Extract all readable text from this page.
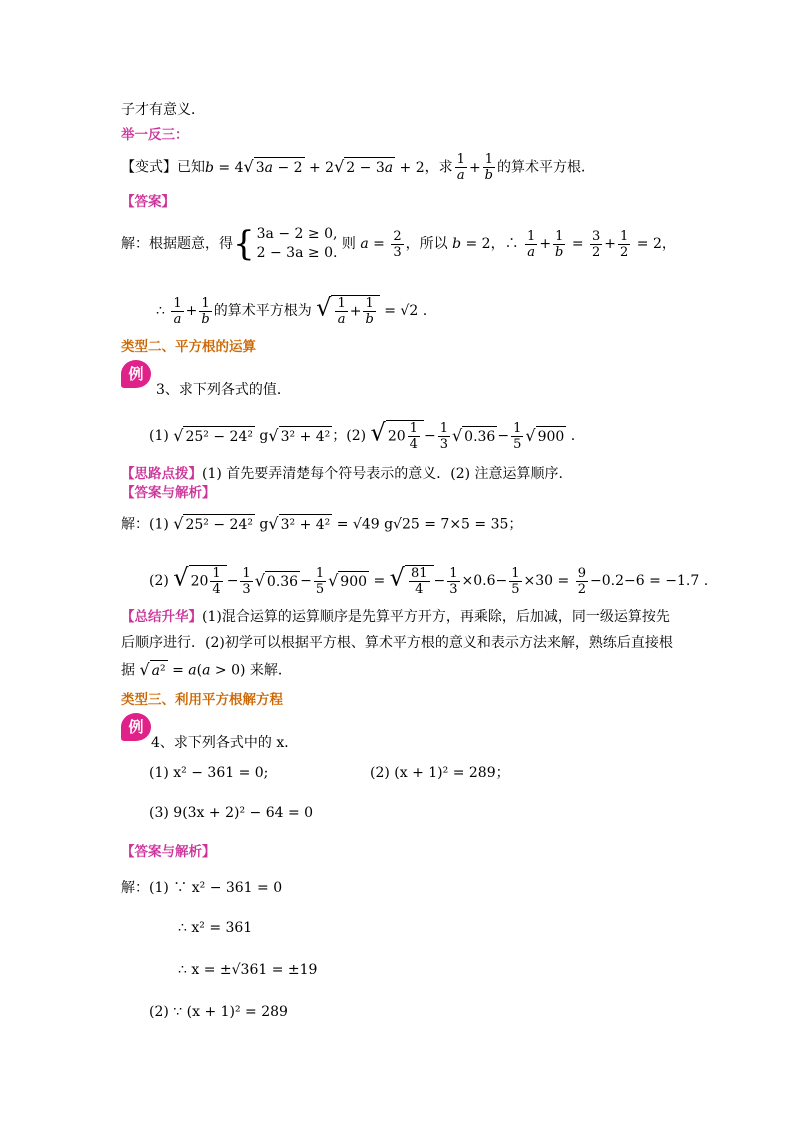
子才有意义．
举一反三：
【变式】已知b = 4√ 3a − 2 + 2√ 2 − 3a + 2，求 $\frac{1}{a} + \frac{1}{b}$ 的算术平方根．
【答案】
解：根据题意，得{ 3a − 2 ≥ 0,
2 − 3a ≥ 0.
则 $a = \frac{2}{3}$ ，所以 b = 2，∴ $\frac{1}{a} + \frac{1}{b} = \frac{3}{2} + \frac{1}{2} = 2$，
∴ $\frac{1}{a} + \frac{1}{b}$ 的算术平方根为 √ $\frac{1}{a} + \frac{1}{b} = √2$ .
类型二、平方根的运算
例
3、求下列各式的值．
(1) √ 25² − 24² g√ 3² + 4² ；(2) √ $20 \frac{1}{4} - \frac{1}{3}$ √ $0.36 - \frac{1}{5}$ √ 900 .
【思路点拨】(1) 首先要弄清楚每个符号表示的意义．(2) 注意运算顺序.
【答案与解析】
解：(1) √ 25² − 24² g√ 3² + 4² = √49 g√25 = 7×5 = 35；
(2) √ $20 \frac{1}{4} - \frac{1}{3}$ √ $0.36 - \frac{1}{5}$ √ 900 = √ $\frac{81}{4} - \frac{1}{3} \times 0.6- \frac{1}{5} \times 30 = \frac{9}{2} -0.2-6 = -1.7$ .
【总结升华】(1)混合运算的运算顺序是先算平方开方，再乘除，后加减，同一级运算按先
后顺序进行．(2)初学可以根据平方根、算术平方根的意义和表示方法来解，熟练后直接根
据 √ a² = a(a > 0) 来解．
类型三、利用平方根解方程
例
4、求下列各式中的 x．
(1) x² − 361 = 0;	(2) (x + 1)² = 289；
(3) 9(3x + 2)² − 64 = 0
【答案与解析】
解：(1) ∵ x² − 361 = 0
∴ x² = 361
∴ x = ±√361 = ±19
(2) ∵ (x + 1)² = 289
